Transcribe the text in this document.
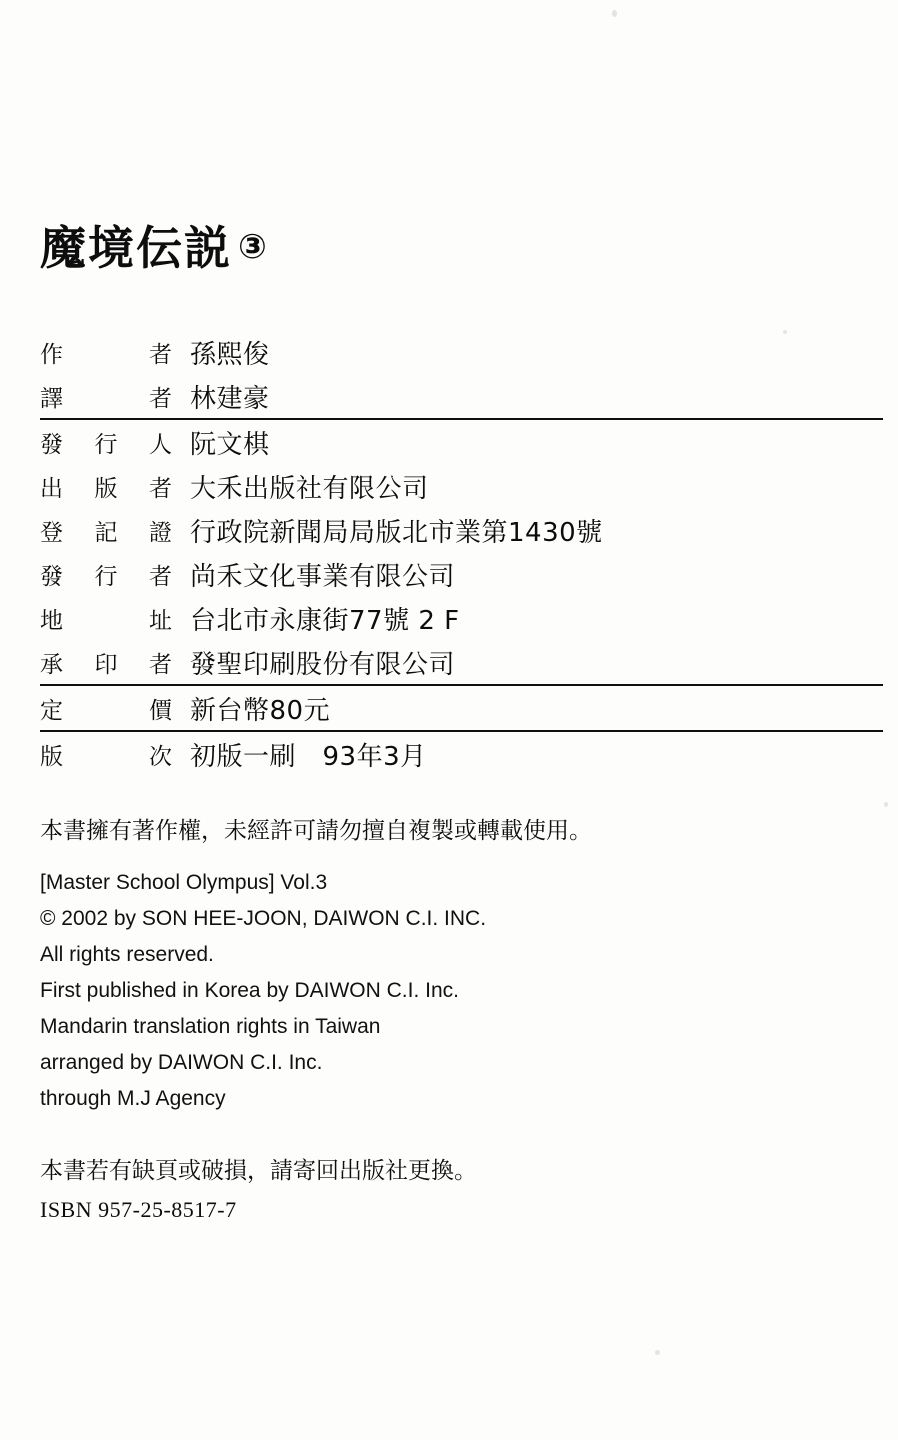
魔境伝説 ③
作	者 孫熙俊
譯	者 林建豪
發 行 人 阮文棋
出 版 者 大禾出版社有限公司
登 記 證 行政院新聞局局版北市業第1430號
發 行 者 尚禾文化事業有限公司
地	址 台北市永康街77號 2 F
承 印 者 發聖印刷股份有限公司
定	價 新台幣80元
版	次 初版一刷　93年3月
本書擁有著作權，未經許可請勿擅自複製或轉載使用。
[Master School Olympus] Vol.3
© 2002 by SON HEE-JOON, DAIWON C.I. INC.
All rights reserved.
First published in Korea by DAIWON C.I. Inc.
Mandarin translation rights in Taiwan
arranged by DAIWON C.I. Inc.
through M.J Agency
本書若有缺頁或破損，請寄回出版社更換。
ISBN 957-25-8517-7
